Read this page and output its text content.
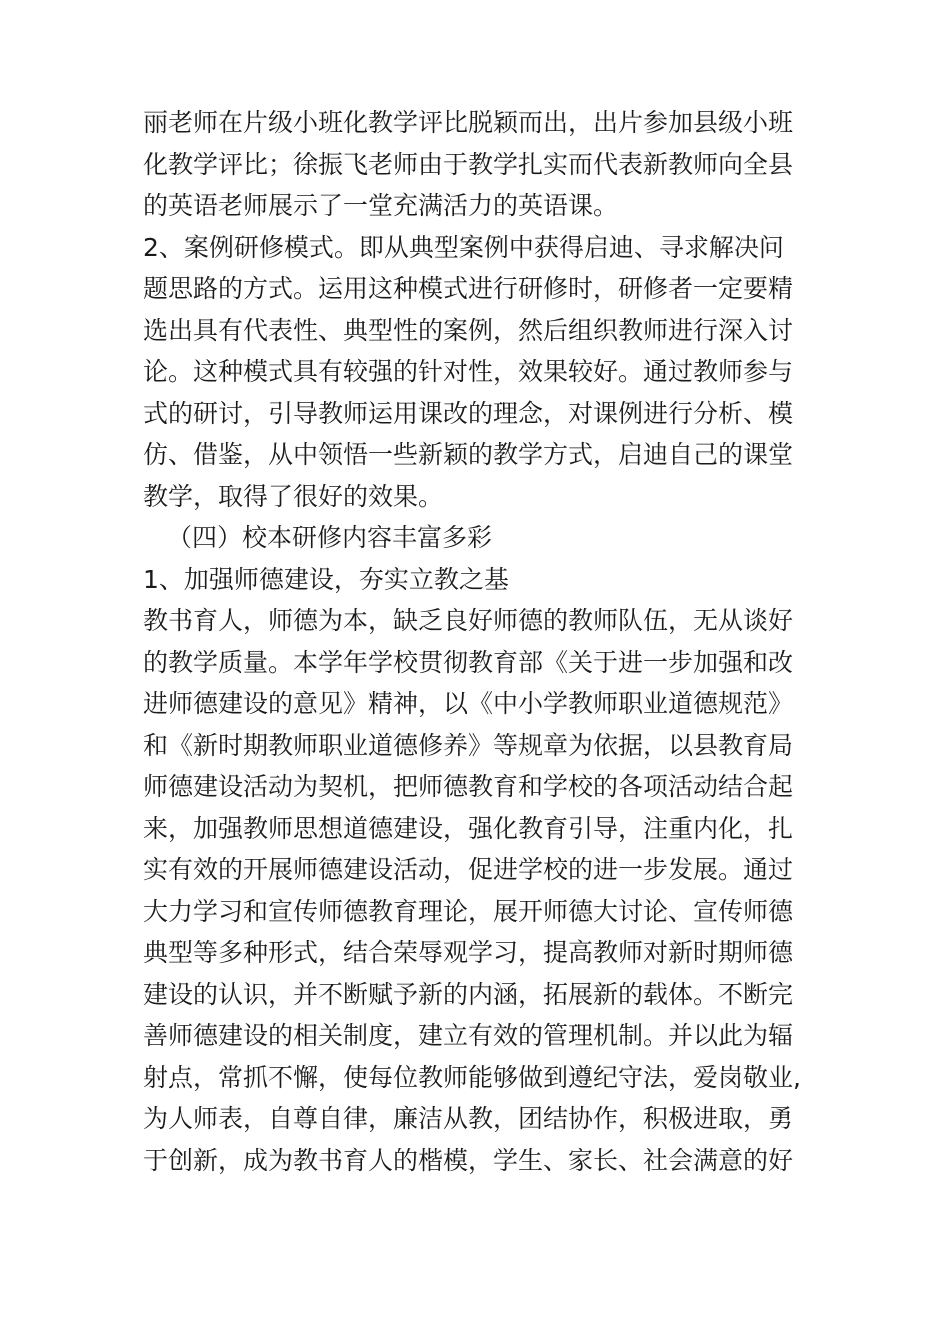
丽老师在片级小班化教学评比脱颖而出，出片参加县级小班
化教学评比；徐振飞老师由于教学扎实而代表新教师向全县
的英语老师展示了一堂充满活力的英语课。
2、案例研修模式。即从典型案例中获得启迪、寻求解决问
题思路的方式。运用这种模式进行研修时，研修者一定要精
选出具有代表性、典型性的案例，然后组织教师进行深入讨
论。这种模式具有较强的针对性，效果较好。通过教师参与
式的研讨，引导教师运用课改的理念，对课例进行分析、模
仿、借鉴，从中领悟一些新颖的教学方式，启迪自己的课堂
教学，取得了很好的效果。
（四）校本研修内容丰富多彩
1、加强师德建设，夯实立教之基
教书育人，师德为本，缺乏良好师德的教师队伍，无从谈好
的教学质量。本学年学校贯彻教育部《关于进一步加强和改
进师德建设的意见》精神，以《中小学教师职业道德规范》
和《新时期教师职业道德修养》等规章为依据，以县教育局
师德建设活动为契机，把师德教育和学校的各项活动结合起
来，加强教师思想道德建设，强化教育引导，注重内化，扎
实有效的开展师德建设活动，促进学校的进一步发展。通过
大力学习和宣传师德教育理论，展开师德大讨论、宣传师德
典型等多种形式，结合荣辱观学习，提高教师对新时期师德
建设的认识，并不断赋予新的内涵，拓展新的载体。不断完
善师德建设的相关制度，建立有效的管理机制。并以此为辐
射点，常抓不懈，使每位教师能够做到遵纪守法，爱岗敬业,
为人师表，自尊自律，廉洁从教，团结协作，积极进取，勇
于创新，成为教书育人的楷模，学生、家长、社会满意的好
